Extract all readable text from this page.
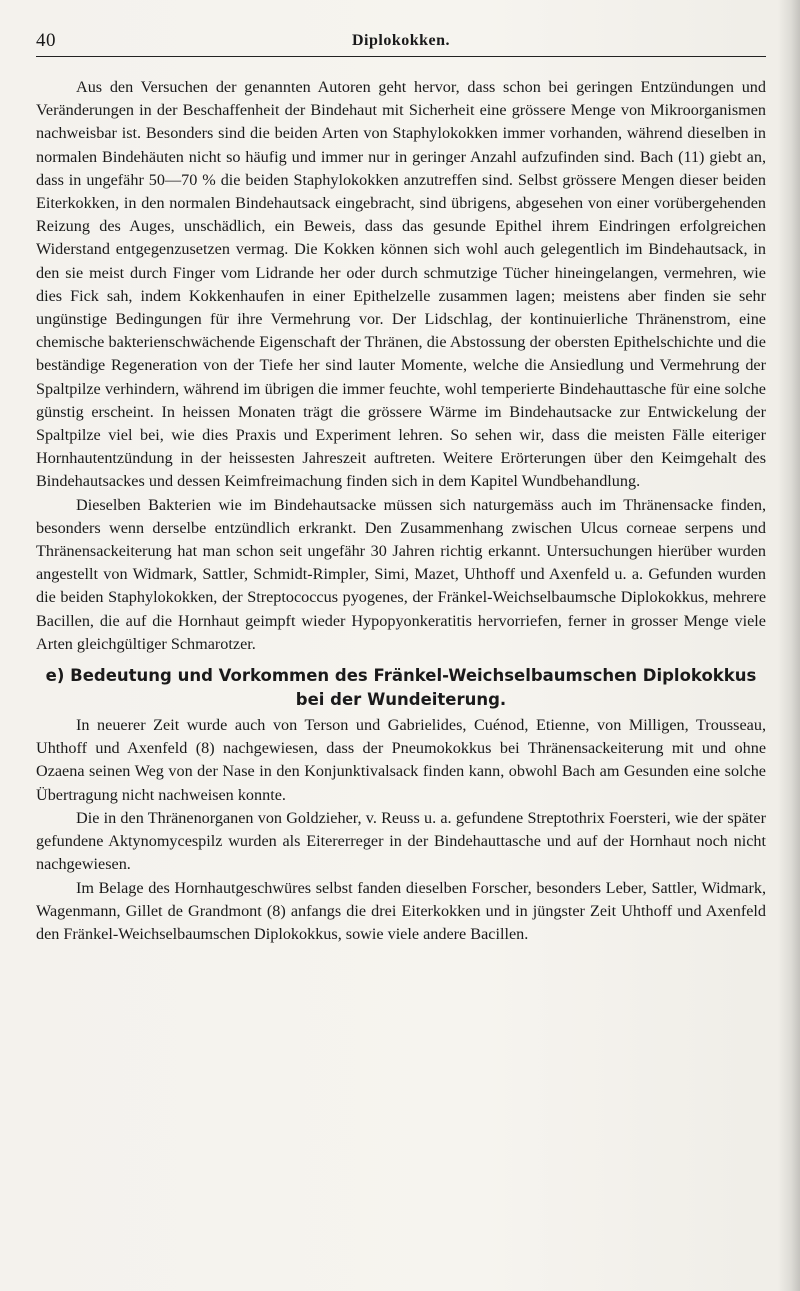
40	Diplokokken.

Aus den Versuchen der genannten Autoren geht hervor, dass schon bei geringen Entzündungen und Veränderungen in der Beschaffenheit der Bindehaut mit Sicherheit eine grössere Menge von Mikroorganismen nachweisbar ist. Besonders sind die beiden Arten von Staphylokokken immer vorhanden, während dieselben in normalen Bindehäuten nicht so häufig und immer nur in geringer Anzahl aufzufinden sind. Bach (11) giebt an, dass in ungefähr 50—70 % die beiden Staphylokokken anzutreffen sind. Selbst grössere Mengen dieser beiden Eiterkokken, in den normalen Bindehautsack eingebracht, sind übrigens, abgesehen von einer vorübergehenden Reizung des Auges, unschädlich, ein Beweis, dass das gesunde Epithel ihrem Eindringen erfolgreichen Widerstand entgegenzusetzen vermag. Die Kokken können sich wohl auch gelegentlich im Bindehautsack, in den sie meist durch Finger vom Lidrande her oder durch schmutzige Tücher hineingelangen, vermehren, wie dies Fick sah, indem Kokkenhaufen in einer Epithelzelle zusammen lagen; meistens aber finden sie sehr ungünstige Bedingungen für ihre Vermehrung vor. Der Lidschlag, der kontinuierliche Thränenstrom, eine chemische bakterienschwächende Eigenschaft der Thränen, die Abstossung der obersten Epithelschichte und die beständige Regeneration von der Tiefe her sind lauter Momente, welche die Ansiedlung und Vermehrung der Spaltpilze verhindern, während im übrigen die immer feuchte, wohl temperierte Bindehauttasche für eine solche günstig erscheint. In heissen Monaten trägt die grössere Wärme im Bindehautsacke zur Entwickelung der Spaltpilze viel bei, wie dies Praxis und Experiment lehren. So sehen wir, dass die meisten Fälle eiteriger Hornhautentzündung in der heissesten Jahreszeit auftreten. Weitere Erörterungen über den Keimgehalt des Bindehautsackes und dessen Keimfreimachung finden sich in dem Kapitel Wundbehandlung.

Dieselben Bakterien wie im Bindehautsacke müssen sich naturgemäss auch im Thränensacke finden, besonders wenn derselbe entzündlich erkrankt. Den Zusammenhang zwischen Ulcus corneae serpens und Thränensackeiterung hat man schon seit ungefähr 30 Jahren richtig erkannt. Untersuchungen hierüber wurden angestellt von Widmark, Sattler, Schmidt-Rimpler, Simi, Mazet, Uhthoff und Axenfeld u. a. Gefunden wurden die beiden Staphylokokken, der Streptococcus pyogenes, der Fränkel-Weichselbaumsche Diplokokkus, mehrere Bacillen, die auf die Hornhaut geimpft wieder Hypopyonkeratitis hervorriefen, ferner in grosser Menge viele Arten gleichgültiger Schmarotzer.

e) Bedeutung und Vorkommen des Fränkel-Weichselbaumschen Diplokokkus bei der Wundeiterung.

In neuerer Zeit wurde auch von Terson und Gabrielides, Cuénod, Etienne, von Milligen, Trousseau, Uhthoff und Axenfeld (8) nachgewiesen, dass der Pneumokokkus bei Thränensackeiterung mit und ohne Ozaena seinen Weg von der Nase in den Konjunktivalsack finden kann, obwohl Bach am Gesunden eine solche Übertragung nicht nachweisen konnte.

Die in den Thränenorganen von Goldzieher, v. Reuss u. a. gefundene Streptothrix Foersteri, wie der später gefundene Aktynomycespilz wurden als Eitererreger in der Bindehauttasche und auf der Hornhaut noch nicht nachgewiesen.

Im Belage des Hornhautgeschwüres selbst fanden dieselben Forscher, besonders Leber, Sattler, Widmark, Wagenmann, Gillet de Grandmont (8) anfangs die drei Eiterkokken und in jüngster Zeit Uhthoff und Axenfeld den Fränkel-Weichselbaumschen Diplokokkus, sowie viele andere Bacillen.
